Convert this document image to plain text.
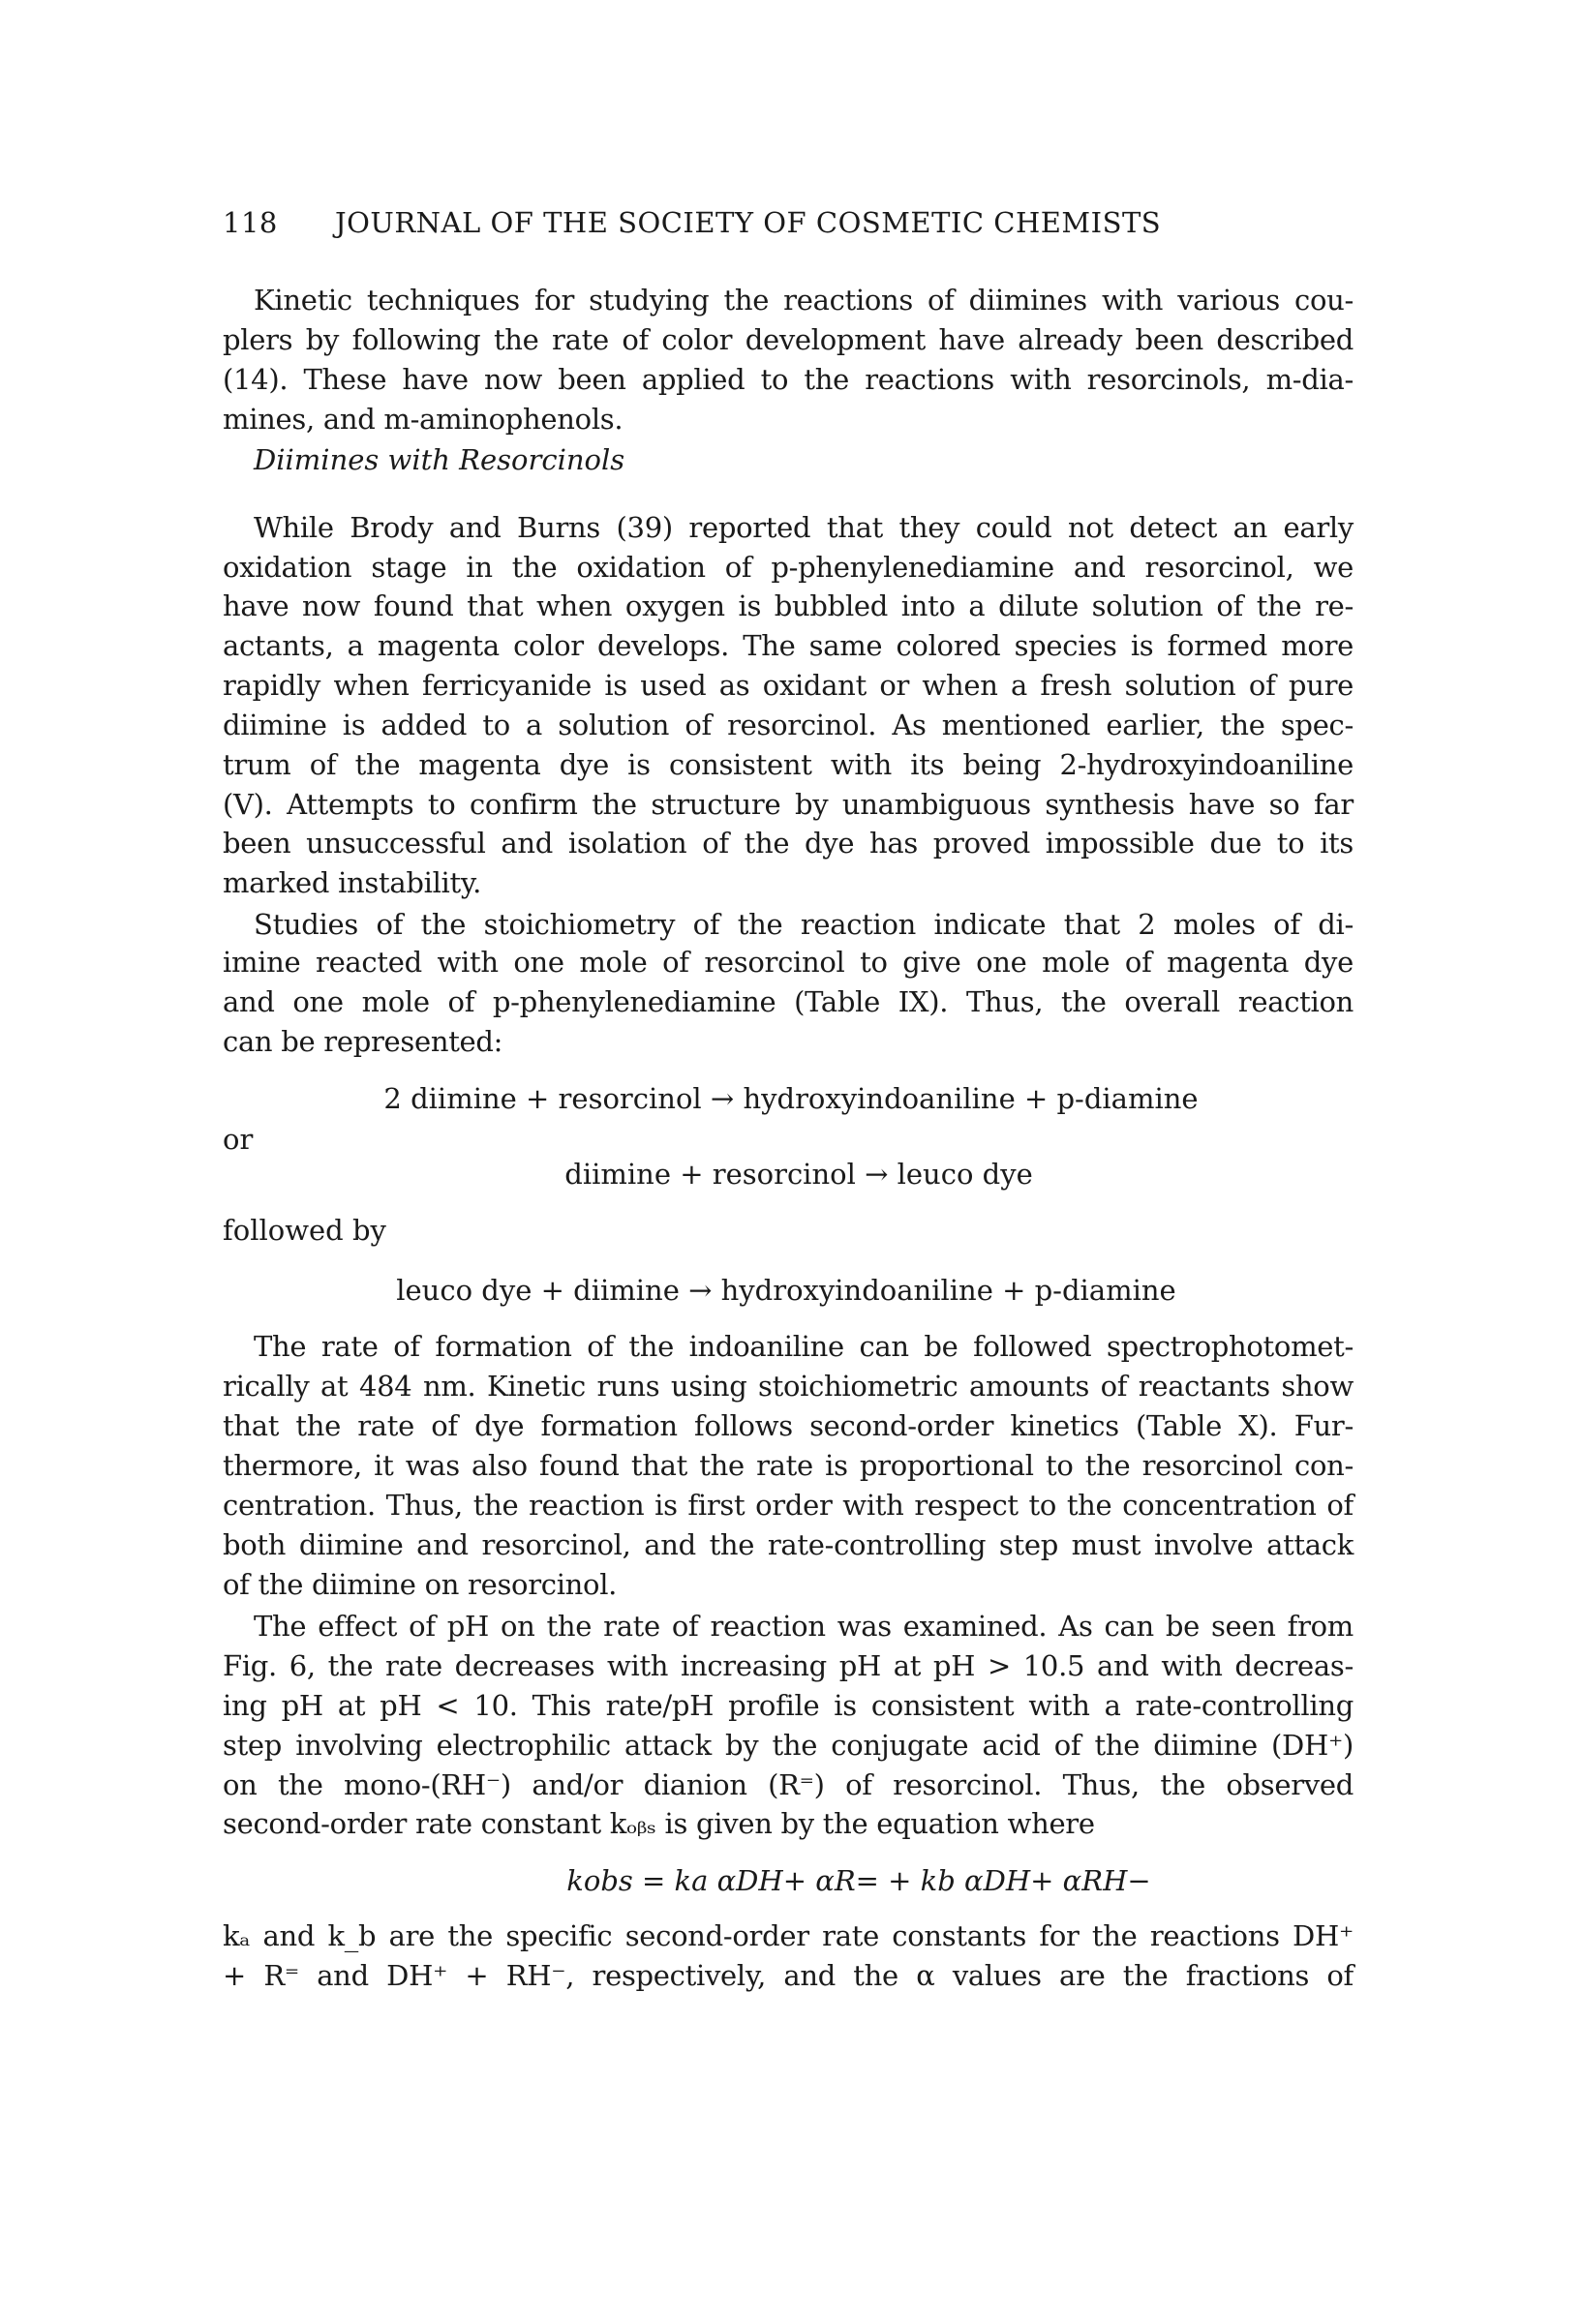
118 JOURNAL OF THE SOCIETY OF COSMETIC CHEMISTS
Kinetic techniques for studying the reactions of diimines with various cou-
plers by following the rate of color development have already been described
(14). These have now been applied to the reactions with resorcinols, m-dia-
mines, and m-aminophenols.
Diimines with Resorcinols
While Brody and Burns (39) reported that they could not detect an early
oxidation stage in the oxidation of p-phenylenediamine and resorcinol, we
have now found that when oxygen is bubbled into a dilute solution of the re-
actants, a magenta color develops. The same colored species is formed more
rapidly when ferricyanide is used as oxidant or when a fresh solution of pure
diimine is added to a solution of resorcinol. As mentioned earlier, the spec-
trum of the magenta dye is consistent with its being 2-hydroxyindoaniline
(V). Attempts to confirm the structure by unambiguous synthesis have so far
been unsuccessful and isolation of the dye has proved impossible due to its
marked instability.
Studies of the stoichiometry of the reaction indicate that 2 moles of di-
imine reacted with one mole of resorcinol to give one mole of magenta dye
and one mole of p-phenylenediamine (Table IX). Thus, the overall reaction
can be represented:
2 diimine + resorcinol → hydroxyindoaniline + p-diamine
or
diimine + resorcinol → leuco dye
followed by
leuco dye + diimine → hydroxyindoaniline + p-diamine
The rate of formation of the indoaniline can be followed spectrophotomet-
rically at 484 nm. Kinetic runs using stoichiometric amounts of reactants show
that the rate of dye formation follows second-order kinetics (Table X). Fur-
thermore, it was also found that the rate is proportional to the resorcinol con-
centration. Thus, the reaction is first order with respect to the concentration of
both diimine and resorcinol, and the rate-controlling step must involve attack
of the diimine on resorcinol.
The effect of pH on the rate of reaction was examined. As can be seen from
Fig. 6, the rate decreases with increasing pH at pH > 10.5 and with decreas-
ing pH at pH < 10. This rate/pH profile is consistent with a rate-controlling
step involving electrophilic attack by the conjugate acid of the diimine (DH⁺)
on the mono-(RH⁻) and/or dianion (R⁼) of resorcinol. Thus, the observed
second-order rate constant kₒᵦₛ is given by the equation where
kobs = ka αDH+ αR= + kb αDH+ αRH−
kₐ and k_b are the specific second-order rate constants for the reactions DH⁺
+ R⁼ and DH⁺ + RH⁻, respectively, and the α values are the fractions of
